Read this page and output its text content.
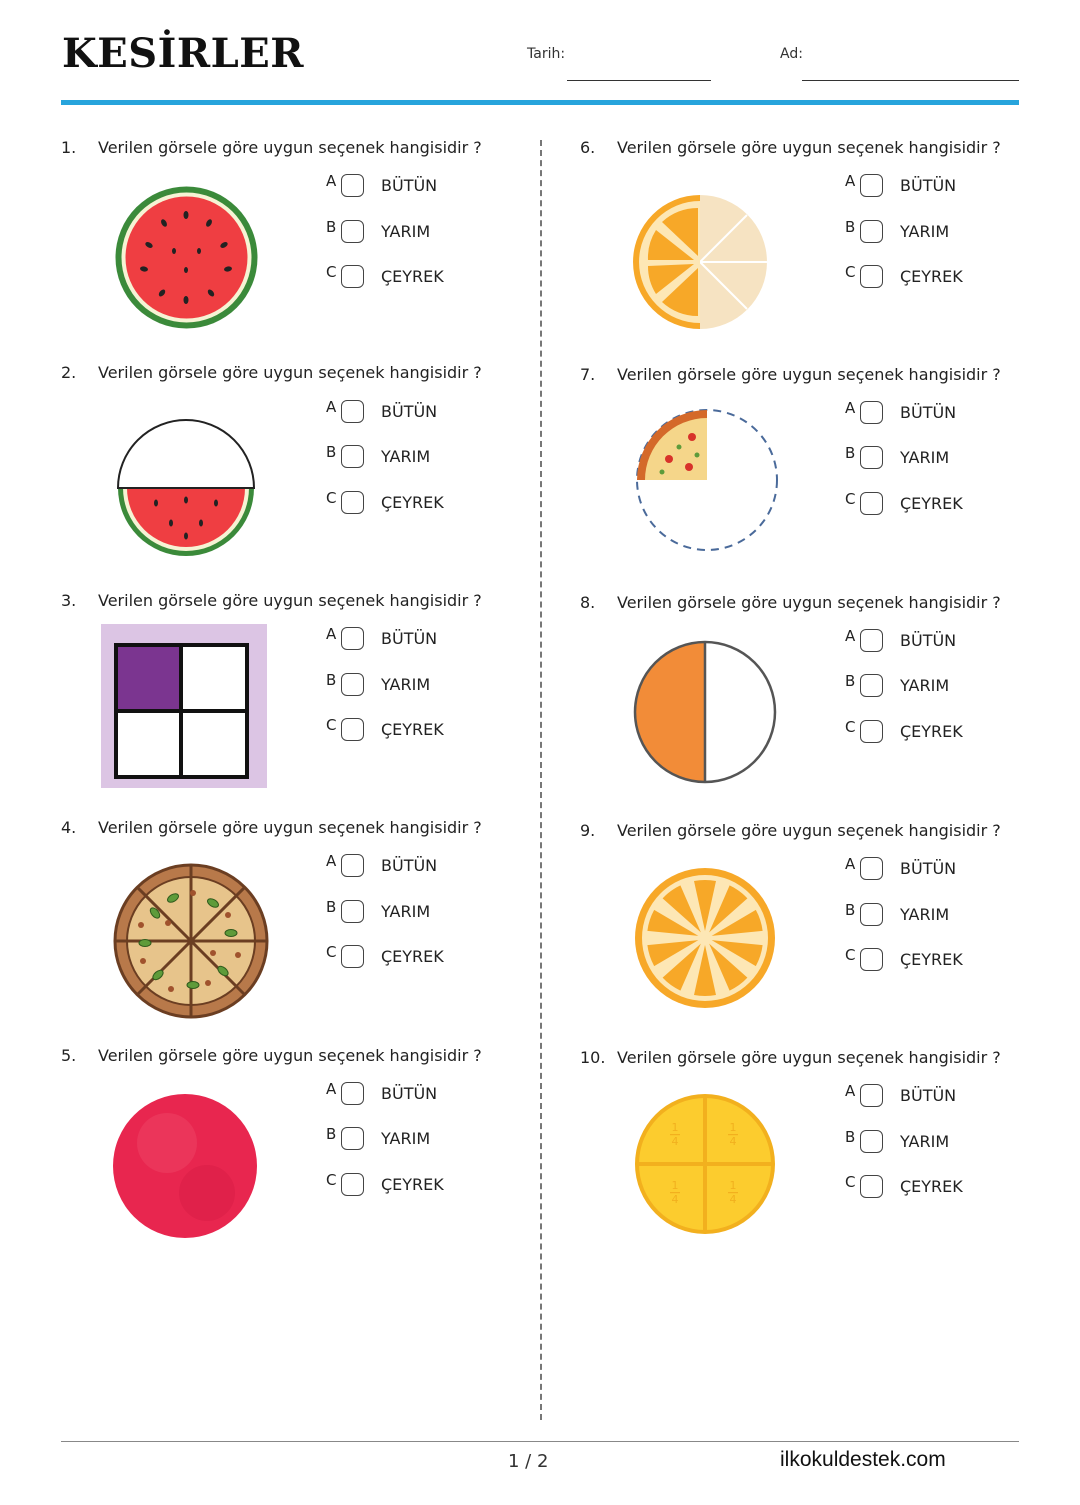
KESİRLER	Tarih:	Ad:
1. Verilen görsele göre uygun seçenek hangisidir ?
A	BÜTÜN
B	YARIM
C	ÇEYREK
2. Verilen görsele göre uygun seçenek hangisidir ?
A	BÜTÜN
B	YARIM
C	ÇEYREK
3. Verilen görsele göre uygun seçenek hangisidir ?
A	BÜTÜN
B	YARIM
C	ÇEYREK
4. Verilen görsele göre uygun seçenek hangisidir ?
A	BÜTÜN
B	YARIM
C	ÇEYREK
5. Verilen görsele göre uygun seçenek hangisidir ?
A	BÜTÜN
B	YARIM
C	ÇEYREK
6. Verilen görsele göre uygun seçenek hangisidir ?
A	BÜTÜN
B	YARIM
C	ÇEYREK
7. Verilen görsele göre uygun seçenek hangisidir ?
A	BÜTÜN
B	YARIM
C	ÇEYREK
8. Verilen görsele göre uygun seçenek hangisidir ?
A	BÜTÜN
B	YARIM
C	ÇEYREK
9. Verilen görsele göre uygun seçenek hangisidir ?
A	BÜTÜN
B	YARIM
C	ÇEYREK
10. Verilen görsele göre uygun seçenek hangisidir ?
1
4
1
4
1
4
1
4
A	BÜTÜN
B	YARIM
C	ÇEYREK
1 / 2	ilkokuldestek.com
